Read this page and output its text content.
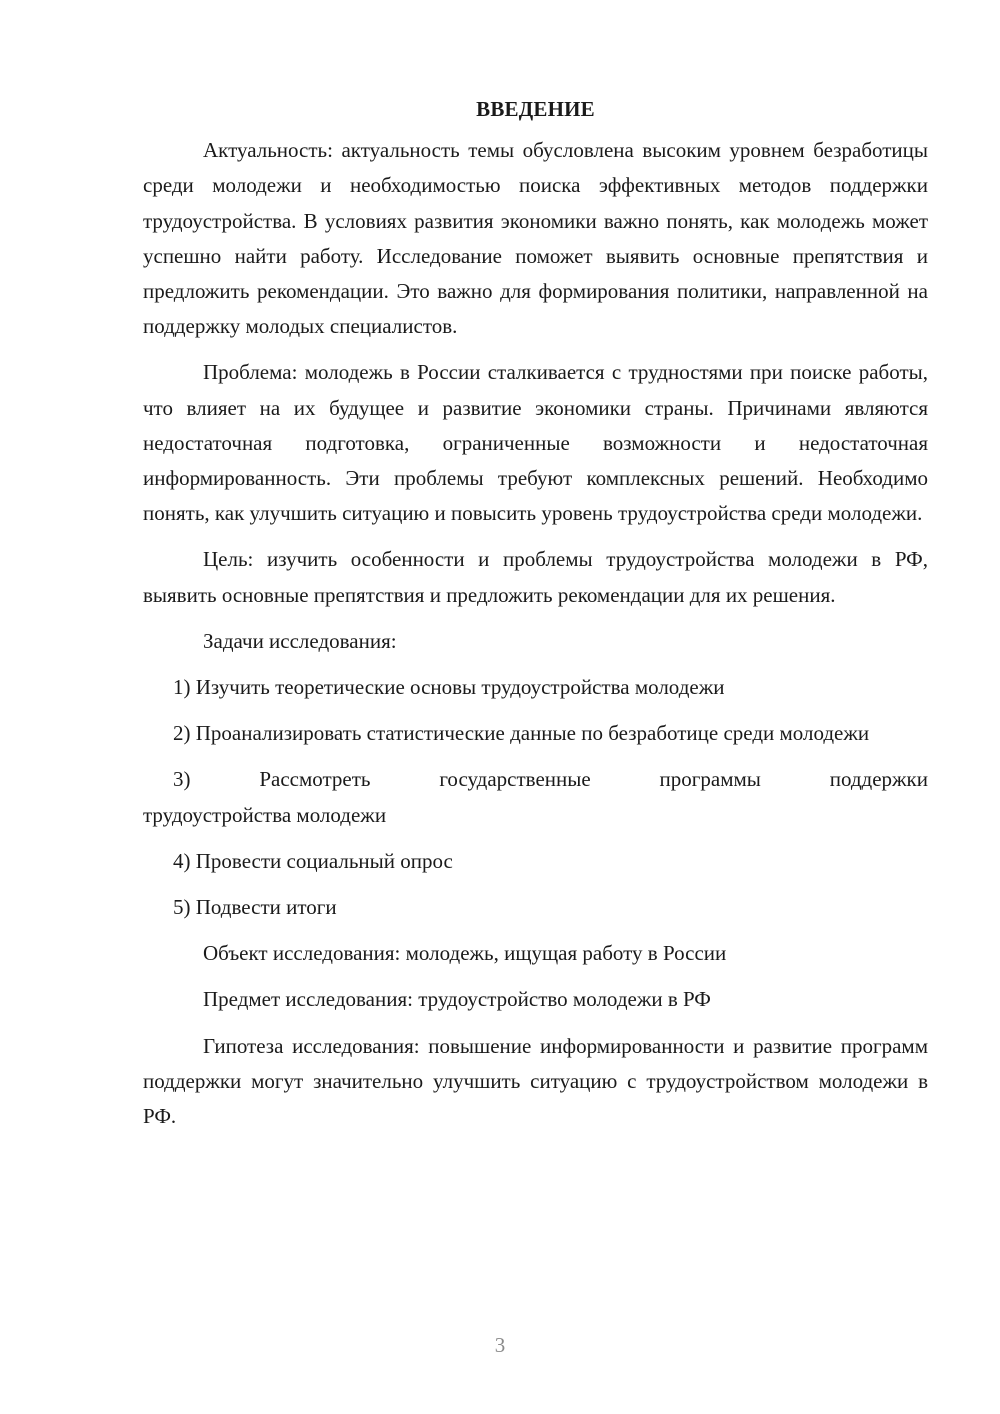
ВВЕДЕНИЕ

Актуальность: актуальность темы обусловлена высоким уровнем безработицы среди молодежи и необходимостью поиска эффективных методов поддержки трудоустройства. В условиях развития экономики важно понять, как молодежь может успешно найти работу. Исследование поможет выявить основные препятствия и предложить рекомендации. Это важно для формирования политики, направленной на поддержку молодых специалистов.

Проблема: молодежь в России сталкивается с трудностями при поиске работы, что влияет на их будущее и развитие экономики страны. Причинами являются недостаточная подготовка, ограниченные возможности и недостаточная информированность. Эти проблемы требуют комплексных решений. Необходимо понять, как улучшить ситуацию и повысить уровень трудоустройства среди молодежи.

Цель: изучить особенности и проблемы трудоустройства молодежи в РФ, выявить основные препятствия и предложить рекомендации для их решения.

Задачи исследования:

1) Изучить теоретические основы трудоустройства молодежи

2) Проанализировать статистические данные по безработице среди молодежи

3) Рассмотреть государственные программы поддержки
трудоустройства молодежи

4) Провести социальный опрос

5) Подвести итоги

Объект исследования: молодежь, ищущая работу в России

Предмет исследования: трудоустройство молодежи в РФ

Гипотеза исследования: повышение информированности и развитие программ поддержки могут значительно улучшить ситуацию с трудоустройством молодежи в РФ.

3
